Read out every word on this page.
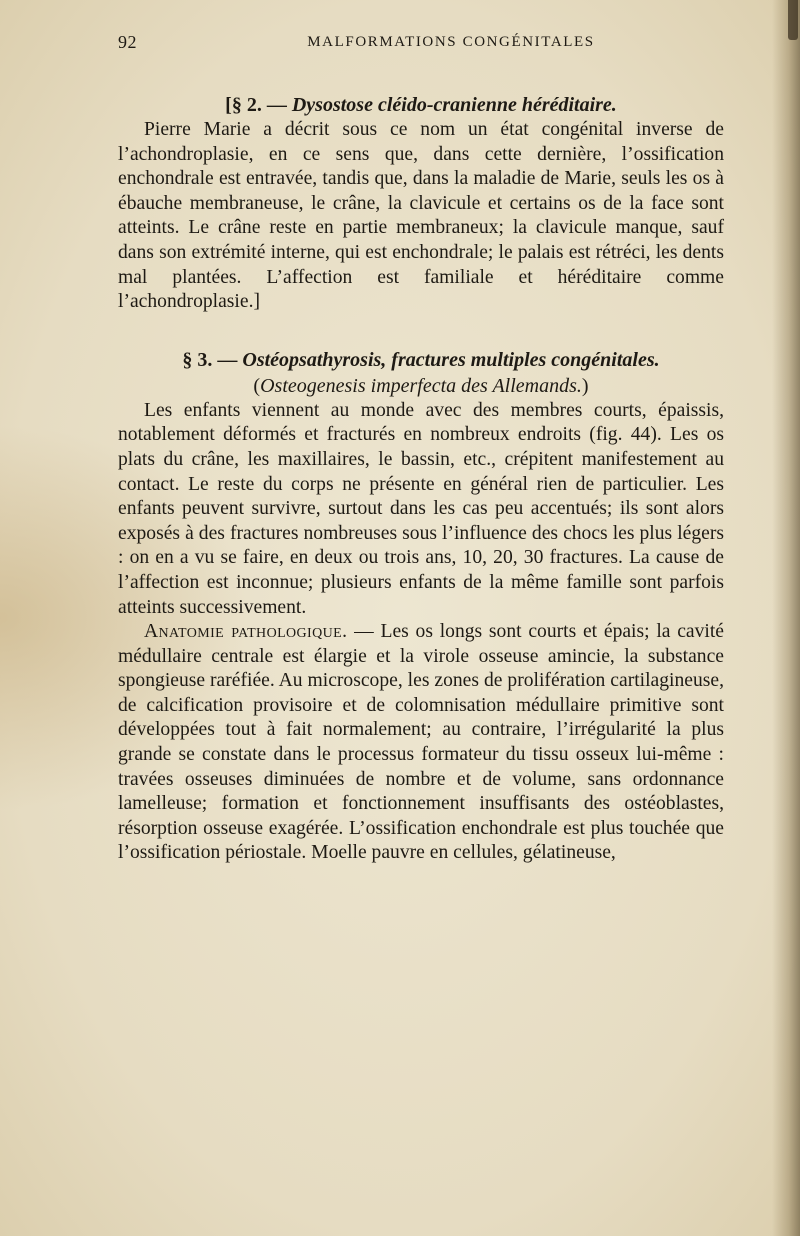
92	MALFORMATIONS CONGÉNITALES
[§ 2. — Dysostose cléido-cranienne héréditaire.

Pierre Marie a décrit sous ce nom un état congénital inverse de l’achondroplasie, en ce sens que, dans cette dernière, l’ossification enchondrale est entravée, tandis que, dans la maladie de Marie, seuls les os à ébauche membraneuse, le crâne, la clavicule et certains os de la face sont atteints. Le crâne reste en partie membraneux; la clavicule manque, sauf dans son extrémité interne, qui est enchondrale; le palais est rétréci, les dents mal plantées. L’affection est familiale et héréditaire comme l’achondroplasie.]

§ 3. — Ostéopsathyrosis, fractures multiples congénitales.

(Osteogenesis imperfecta des Allemands.)

Les enfants viennent au monde avec des membres courts, épaissis, notablement déformés et fracturés en nombreux endroits (fig. 44). Les os plats du crâne, les maxillaires, le bassin, etc., crépitent manifestement au contact. Le reste du corps ne présente en général rien de particulier. Les enfants peuvent survivre, surtout dans les cas peu accentués; ils sont alors exposés à des fractures nombreuses sous l’influence des chocs les plus légers : on en a vu se faire, en deux ou trois ans, 10, 20, 30 fractures. La cause de l’affection est inconnue; plusieurs enfants de la même famille sont parfois atteints successivement.

Anatomie pathologique. — Les os longs sont courts et épais; la cavité médullaire centrale est élargie et la virole osseuse amincie, la substance spongieuse raréfiée. Au microscope, les zones de prolifération cartilagineuse, de calcification provisoire et de colomnisation médullaire primitive sont développées tout à fait normalement; au contraire, l’irrégularité la plus grande se constate dans le processus formateur du tissu osseux lui-même : travées osseuses diminuées de nombre et de volume, sans ordonnance lamelleuse; formation et fonctionnement insuffisants des ostéoblastes, résorption osseuse exagérée. L’ossification enchondrale est plus touchée que l’ossification périostale. Moelle pauvre en cellules, gélatineuse,
